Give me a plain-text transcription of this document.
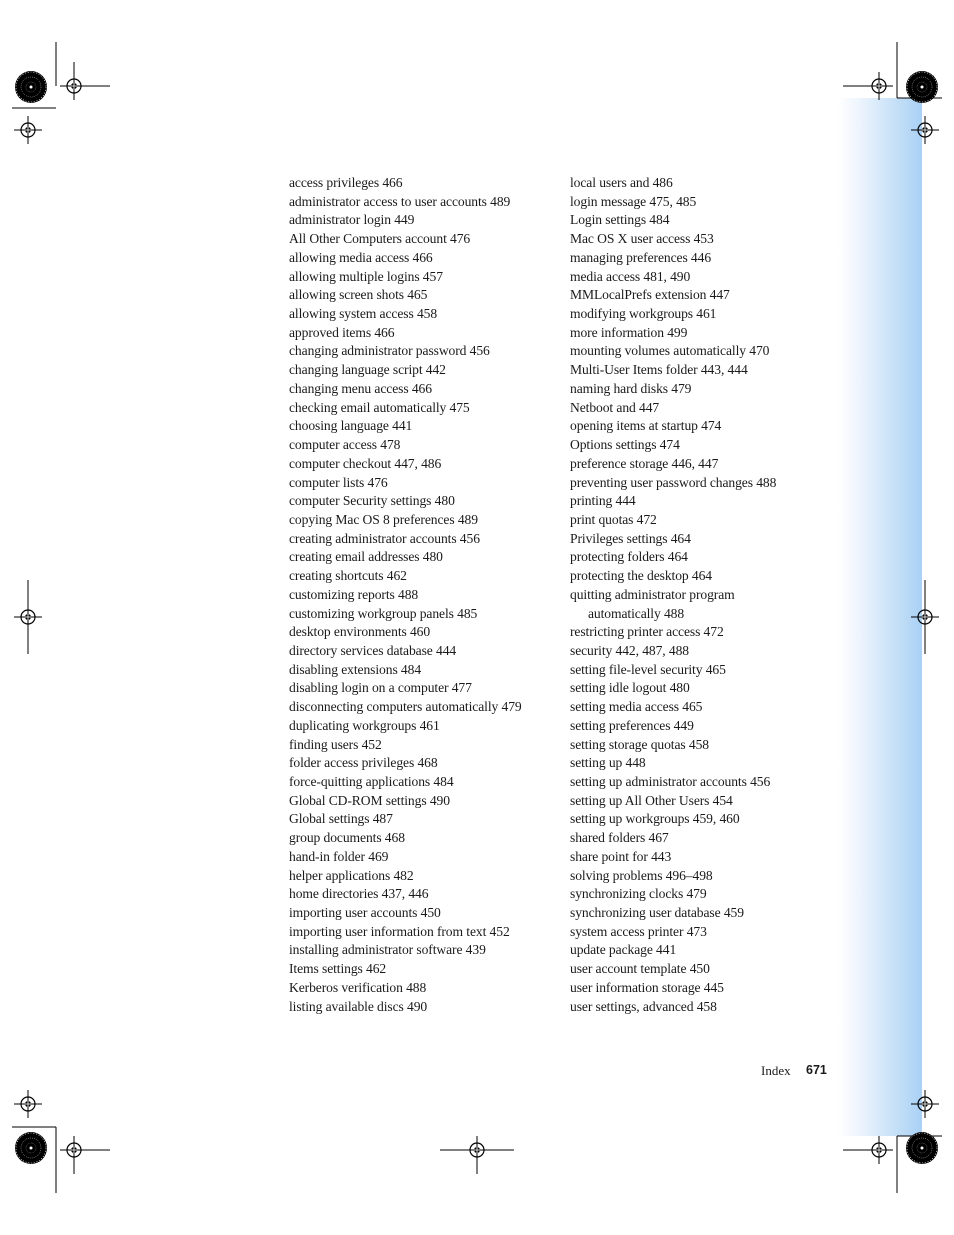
access privileges 466
administrator access to user accounts 489
administrator login 449
All Other Computers account 476
allowing media access 466
allowing multiple logins 457
allowing screen shots 465
allowing system access 458
approved items 466
changing administrator password 456
changing language script 442
changing menu access 466
checking email automatically 475
choosing language 441
computer access 478
computer checkout 447, 486
computer lists 476
computer Security settings 480
copying Mac OS 8 preferences 489
creating administrator accounts 456
creating email addresses 480
creating shortcuts 462
customizing reports 488
customizing workgroup panels 485
desktop environments 460
directory services database 444
disabling extensions 484
disabling login on a computer 477
disconnecting computers automatically 479
duplicating workgroups 461
finding users 452
folder access privileges 468
force-quitting applications 484
Global CD-ROM settings 490
Global settings 487
group documents 468
hand-in folder 469
helper applications 482
home directories 437, 446
importing user accounts 450
importing user information from text 452
installing administrator software 439
Items settings 462
Kerberos verification 488
listing available discs 490
local users and 486
login message 475, 485
Login settings 484
Mac OS X user access 453
managing preferences 446
media access 481, 490
MMLocalPrefs extension 447
modifying workgroups 461
more information 499
mounting volumes automatically 470
Multi-User Items folder 443, 444
naming hard disks 479
Netboot and 447
opening items at startup 474
Options settings 474
preference storage 446, 447
preventing user password changes 488
printing 444
print quotas 472
Privileges settings 464
protecting folders 464
protecting the desktop 464
quitting administrator program
automatically 488
restricting printer access 472
security 442, 487, 488
setting file-level security 465
setting idle logout 480
setting media access 465
setting preferences 449
setting storage quotas 458
setting up 448
setting up administrator accounts 456
setting up All Other Users 454
setting up workgroups 459, 460
shared folders 467
share point for 443
solving problems 496–498
synchronizing clocks 479
synchronizing user database 459
system access printer 473
update package 441
user account template 450
user information storage 445
user settings, advanced 458
Index 671
